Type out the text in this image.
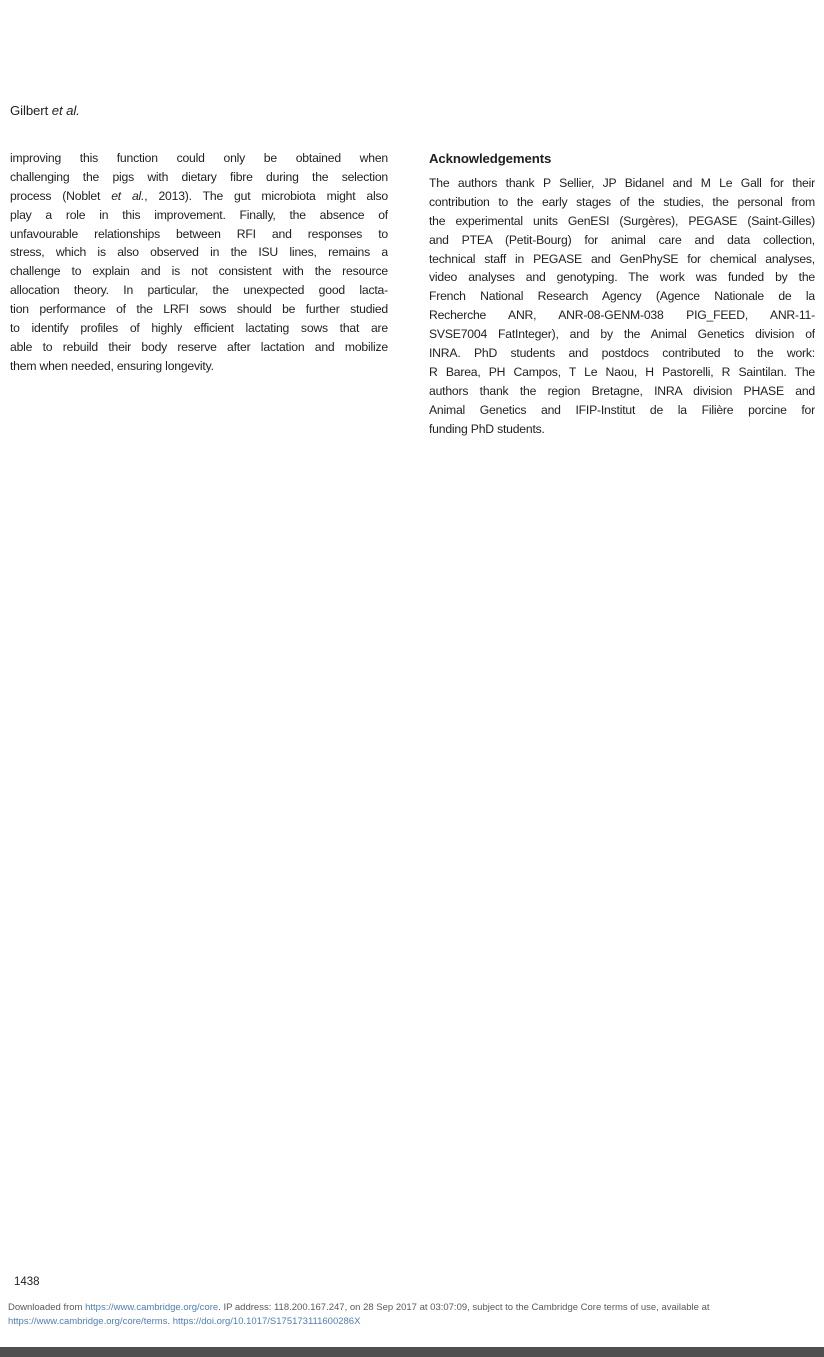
Gilbert et al.
improving this function could only be obtained when
challenging the pigs with dietary fibre during the selection
process (Noblet et al., 2013). The gut microbiota might also
play a role in this improvement. Finally, the absence of
unfavourable relationships between RFI and responses to
stress, which is also observed in the ISU lines, remains a
challenge to explain and is not consistent with the resource
allocation theory. In particular, the unexpected good lacta-
tion performance of the LRFI sows should be further studied
to identify profiles of highly efficient lactating sows that are
able to rebuild their body reserve after lactation and mobilize
them when needed, ensuring longevity.
Acknowledgements
The authors thank P Sellier, JP Bidanel and M Le Gall for their
contribution to the early stages of the studies, the personal from
the experimental units GenESI (Surgères), PEGASE (Saint-Gilles)
and PTEA (Petit-Bourg) for animal care and data collection,
technical staff in PEGASE and GenPhySE for chemical analyses,
video analyses and genotyping. The work was funded by the
French National Research Agency (Agence Nationale de la
Recherche ANR, ANR-08-GENM-038 PIG_FEED, ANR-11-
SVSE7004 FatInteger), and by the Animal Genetics division of
INRA. PhD students and postdocs contributed to the work:
R Barea, PH Campos, T Le Naou, H Pastorelli, R Saintilan. The
authors thank the region Bretagne, INRA division PHASE and
Animal Genetics and IFIP-Institut de la Filière porcine for
funding PhD students.
1438
Downloaded from https://www.cambridge.org/core. IP address: 118.200.167.247, on 28 Sep 2017 at 03:07:09, subject to the Cambridge Core terms of use, available at
https://www.cambridge.org/core/terms. https://doi.org/10.1017/S175173111600286X
